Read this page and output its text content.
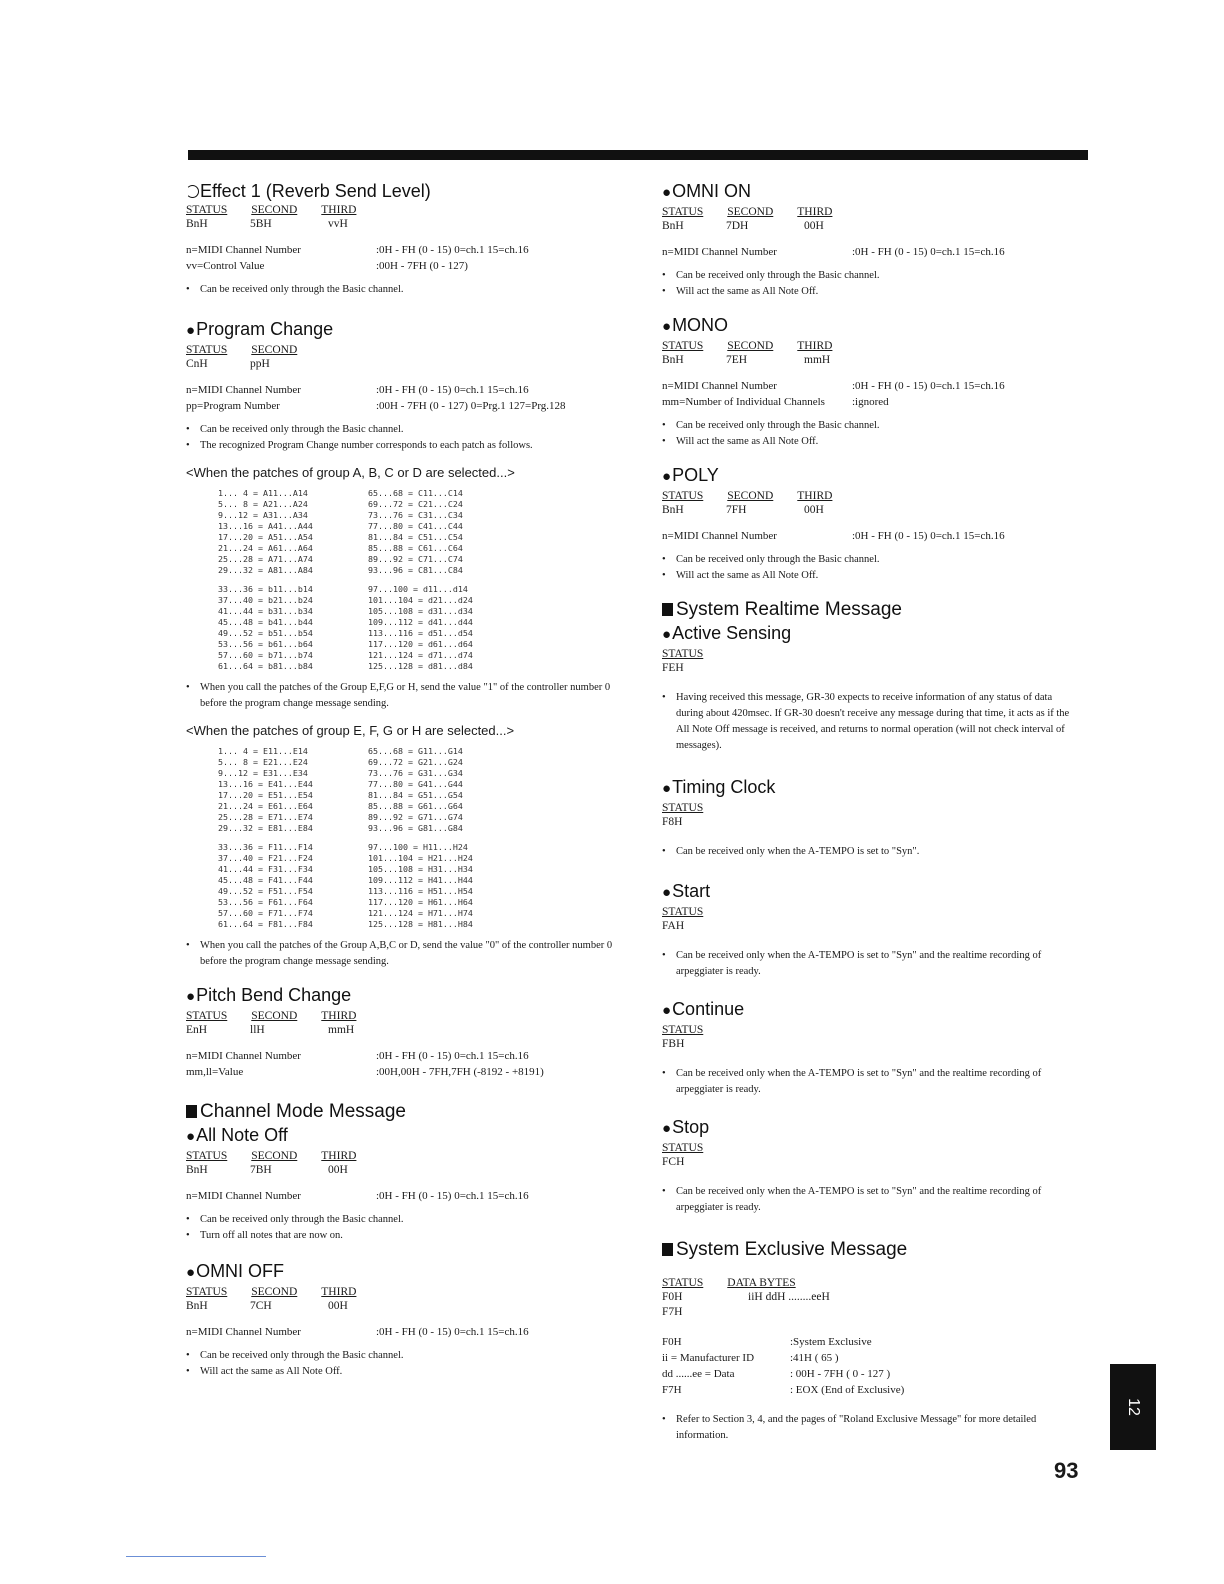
Effect 1 (Reverb Send Level)

STATUS SECOND THIRD
BnH	5BH	vvH
n=MIDI Channel Number	:0H - FH (0 - 15) 0=ch.1 15=ch.16
vv=Control Value	:00H - 7FH (0 - 127)
• Can be received only through the Basic channel.

●Program Change

STATUS SECOND
CnH	ppH
n=MIDI Channel Number	:0H - FH (0 - 15) 0=ch.1 15=ch.16
pp=Program Number	:00H - 7FH (0 - 127) 0=Prg.1 127=Prg.128
• Can be received only through the Basic channel.
• The recognized Program Change number corresponds to each patch as follows.
<When the patches of group A, B, C or D are selected...>
1... 4 = A11...A14
5... 8 = A21...A24
9...12 = A31...A34
13...16 = A41...A44
17...20 = A51...A54
21...24 = A61...A64
25...28 = A71...A74
29...32 = A81...A84
33...36 = b11...b14
37...40 = b21...b24
41...44 = b31...b34
45...48 = b41...b44
49...52 = b51...b54
53...56 = b61...b64
57...60 = b71...b74
61...64 = b81...b84
65...68 = C11...C14
69...72 = C21...C24
73...76 = C31...C34
77...80 = C41...C44
81...84 = C51...C54
85...88 = C61...C64
89...92 = C71...C74
93...96 = C81...C84
97...100 = d11...d14
101...104 = d21...d24
105...108 = d31...d34
109...112 = d41...d44
113...116 = d51...d54
117...120 = d61...d64
121...124 = d71...d74
125...128 = d81...d84
• When you call the patches of the Group E,F,G or H, send the value "1" of the controller number 0 before the program change message sending.
<When the patches of group E, F, G or H are selected...>
1... 4 = E11...E14
5... 8 = E21...E24
9...12 = E31...E34
13...16 = E41...E44
17...20 = E51...E54
21...24 = E61...E64
25...28 = E71...E74
29...32 = E81...E84
33...36 = F11...F14
37...40 = F21...F24
41...44 = F31...F34
45...48 = F41...F44
49...52 = F51...F54
53...56 = F61...F64
57...60 = F71...F74
61...64 = F81...F84
65...68 = G11...G14
69...72 = G21...G24
73...76 = G31...G34
77...80 = G41...G44
81...84 = G51...G54
85...88 = G61...G64
89...92 = G71...G74
93...96 = G81...G84
97...100 = H11...H24
101...104 = H21...H24
105...108 = H31...H34
109...112 = H41...H44
113...116 = H51...H54
117...120 = H61...H64
121...124 = H71...H74
125...128 = H81...H84
• When you call the patches of the Group A,B,C or D, send the value "0" of the controller number 0 before the program change message sending.

●Pitch Bend Change

STATUS SECOND THIRD
EnH	llH	mmH
n=MIDI Channel Number	:0H - FH (0 - 15) 0=ch.1 15=ch.16
mm,ll=Value	:00H,00H - 7FH,7FH (-8192 - +8191)

Channel Mode Message

●All Note Off

STATUS SECOND THIRD
BnH	7BH	00H
n=MIDI Channel Number	:0H - FH (0 - 15) 0=ch.1 15=ch.16
• Can be received only through the Basic channel.
• Turn off all notes that are now on.

●OMNI OFF

STATUS SECOND THIRD
BnH	7CH	00H
n=MIDI Channel Number	:0H - FH (0 - 15) 0=ch.1 15=ch.16
• Can be received only through the Basic channel.
• Will act the same as All Note Off.

●OMNI ON

STATUS SECOND THIRD
BnH	7DH	00H
n=MIDI Channel Number	:0H - FH (0 - 15) 0=ch.1 15=ch.16
• Can be received only through the Basic channel.
• Will act the same as All Note Off.

●MONO

STATUS SECOND THIRD
BnH	7EH	mmH
n=MIDI Channel Number	:0H - FH (0 - 15) 0=ch.1 15=ch.16
mm=Number of Individual Channels	:ignored
• Can be received only through the Basic channel.
• Will act the same as All Note Off.

●POLY

STATUS SECOND THIRD
BnH	7FH	00H
n=MIDI Channel Number	:0H - FH (0 - 15) 0=ch.1 15=ch.16
• Can be received only through the Basic channel.
• Will act the same as All Note Off.

System Realtime Message

●Active Sensing

STATUS
FEH
• Having received this message, GR-30 expects to receive information of any status of data during about 420msec. If GR-30 doesn't receive any message during that time, it acts as if the All Note Off message is received, and returns to normal operation (will not check interval of messages).

●Timing Clock

STATUS
F8H
• Can be received only when the A-TEMPO is set to "Syn".

●Start

STATUS
FAH
• Can be received only when the A-TEMPO is set to "Syn" and the realtime recording of arpeggiater is ready.

●Continue

STATUS
FBH
• Can be received only when the A-TEMPO is set to "Syn" and the realtime recording of arpeggiater is ready.

●Stop

STATUS
FCH
• Can be received only when the A-TEMPO is set to "Syn" and the realtime recording of arpeggiater is ready.

System Exclusive Message

STATUS DATA BYTES
F0H	iiH ddH ........eeH
F7H
F0H	:System Exclusive
ii = Manufacturer ID	:41H ( 65 )
dd ......ee = Data	: 00H - 7FH ( 0 - 127 )
F7H	: EOX (End of Exclusive)
• Refer to Section 3, 4, and the pages of "Roland Exclusive Message" for more detailed information.
12
93
